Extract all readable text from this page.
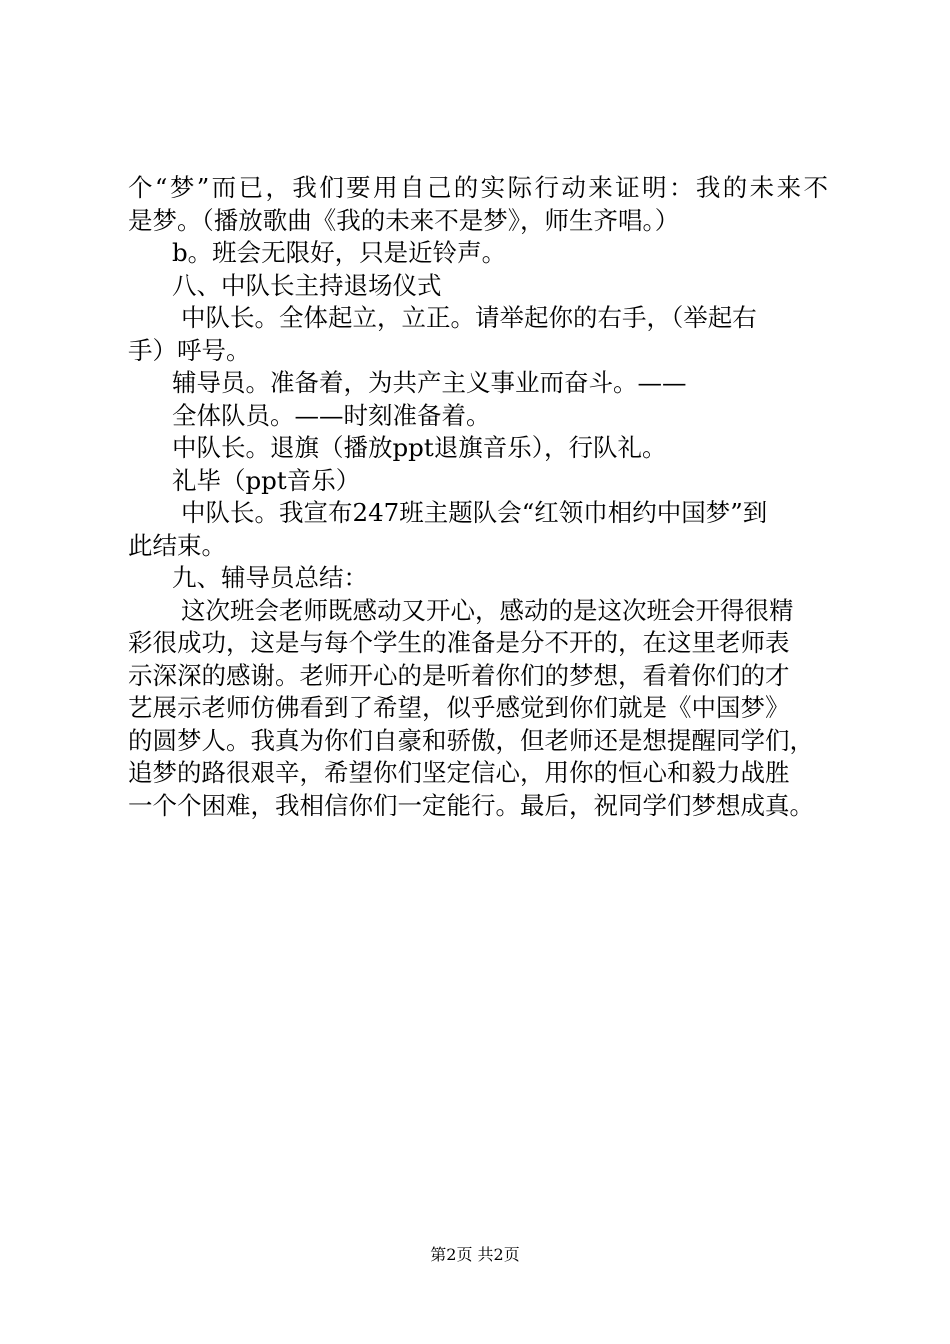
个“梦”而已，我们要用自己的实际行动来证明：我的未来不
是梦。（播放歌曲《我的未来不是梦》，师生齐唱。）
b。班会无限好，只是近铃声。
八、中队长主持退场仪式
中队长。全体起立，立正。请举起你的右手，（举起右
手）呼号。
辅导员。准备着，为共产主义事业而奋斗。——
全体队员。——时刻准备着。
中队长。退旗（播放ppt退旗音乐），行队礼。
礼毕（ppt音乐）
中队长。我宣布247班主题队会“红领巾相约中国梦”到
此结束。
九、辅导员总结：
这次班会老师既感动又开心，感动的是这次班会开得很精
彩很成功，这是与每个学生的准备是分不开的，在这里老师表
示深深的感谢。老师开心的是听着你们的梦想，看着你们的才
艺展示老师仿佛看到了希望，似乎感觉到你们就是《中国梦》
的圆梦人。我真为你们自豪和骄傲，但老师还是想提醒同学们，
追梦的路很艰辛，希望你们坚定信心，用你的恒心和毅力战胜
一个个困难，我相信你们一定能行。最后，祝同学们梦想成真。
第2页 共2页
